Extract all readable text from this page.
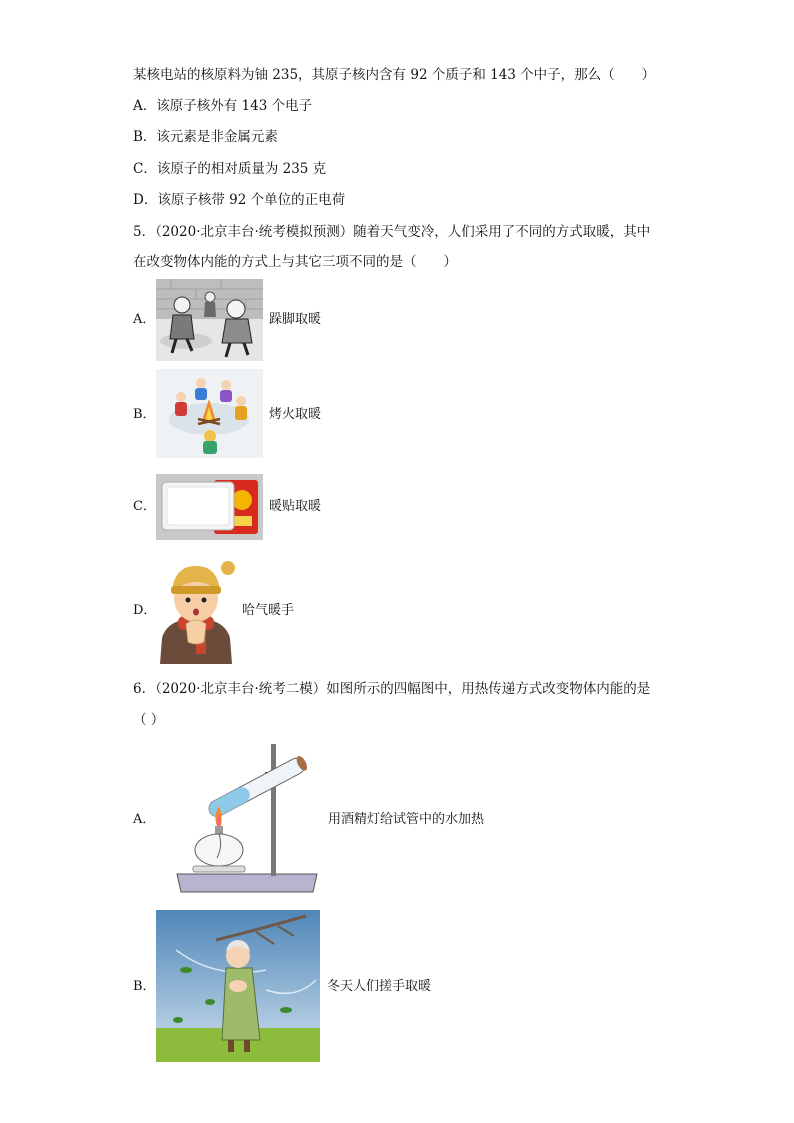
某核电站的核原料为铀 235，其原子核内含有 92 个质子和 143 个中子，那么（　　）
A．该原子核外有 143 个电子
B．该元素是非金属元素
C．该原子的相对质量为 235 克
D．该原子核带 92 个单位的正电荷
5．（2020·北京丰台·统考模拟预测）随着天气变冷，人们采用了不同的方式取暖，其中
在改变物体内能的方式上与其它三项不同的是（　　）
A．	跺脚取暖
B．	烤火取暖
C．	暖贴取暖
D．	哈气暖手
6．（2020·北京丰台·统考二模）如图所示的四幅图中，用热传递方式改变物体内能的是
（ ）
A．	用酒精灯给试管中的水加热
B．	冬天人们搓手取暖
